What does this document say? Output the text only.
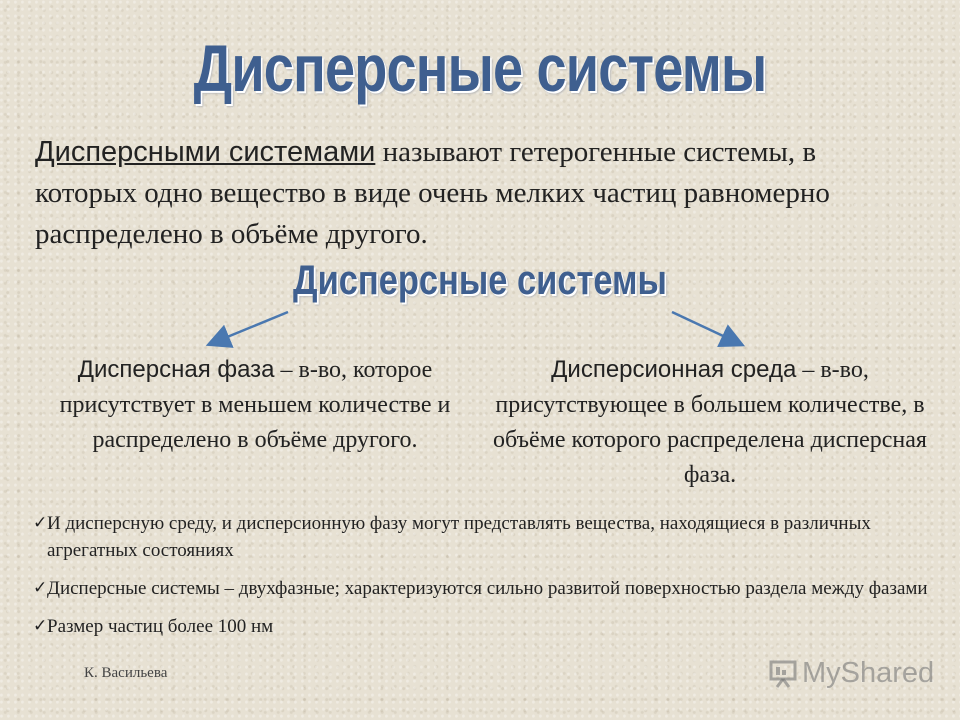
Дисперсные системы
Дисперсными системами называют гетерогенные системы, в которых одно вещество в виде очень мелких частиц равномерно распределено в объёме другого.
Дисперсные системы
Дисперсная фаза – в-во, которое присутствует в меньшем количестве и распределено в объёме другого.
Дисперсионная среда – в-во, присутствующее в большем количестве, в объёме которого распределена дисперсная фаза.
✓ И дисперсную среду, и дисперсионную фазу могут представлять вещества, находящиеся в различных агрегатных состояниях
✓ Дисперсные системы – двухфазные; характеризуются сильно развитой поверхностью раздела между фазами
✓ Размер частиц более 100 нм
К. Васильева	MyShared
